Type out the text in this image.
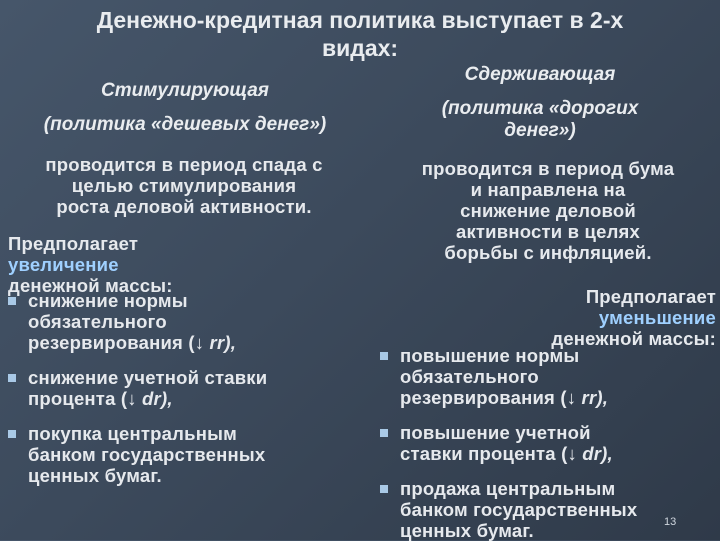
Денежно-кредитная политика выступает в 2-х
видах:
Сдерживающая
(политика «дорогих
денег»)
Стимулирующая
(политика «дешевых денег»)
проводится в период спада с
целью стимулирования
роста деловой активности.
проводится в период бума
и направлена на
снижение деловой
активности в целях
борьбы с инфляцией.
Предполагает
увеличение
денежной массы:
Предполагает
уменьшение
денежной массы:
снижение нормы
обязательного
резервирования (↓ rr),
снижение учетной ставки
процента (↓ dr),
покупка центральным
банком государственных
ценных бумаг.
повышение нормы
обязательного
резервирования (↓ rr),
повышение учетной
ставки процента (↓ dr),
продажа центральным
банком государственных
ценных бумаг.	13
